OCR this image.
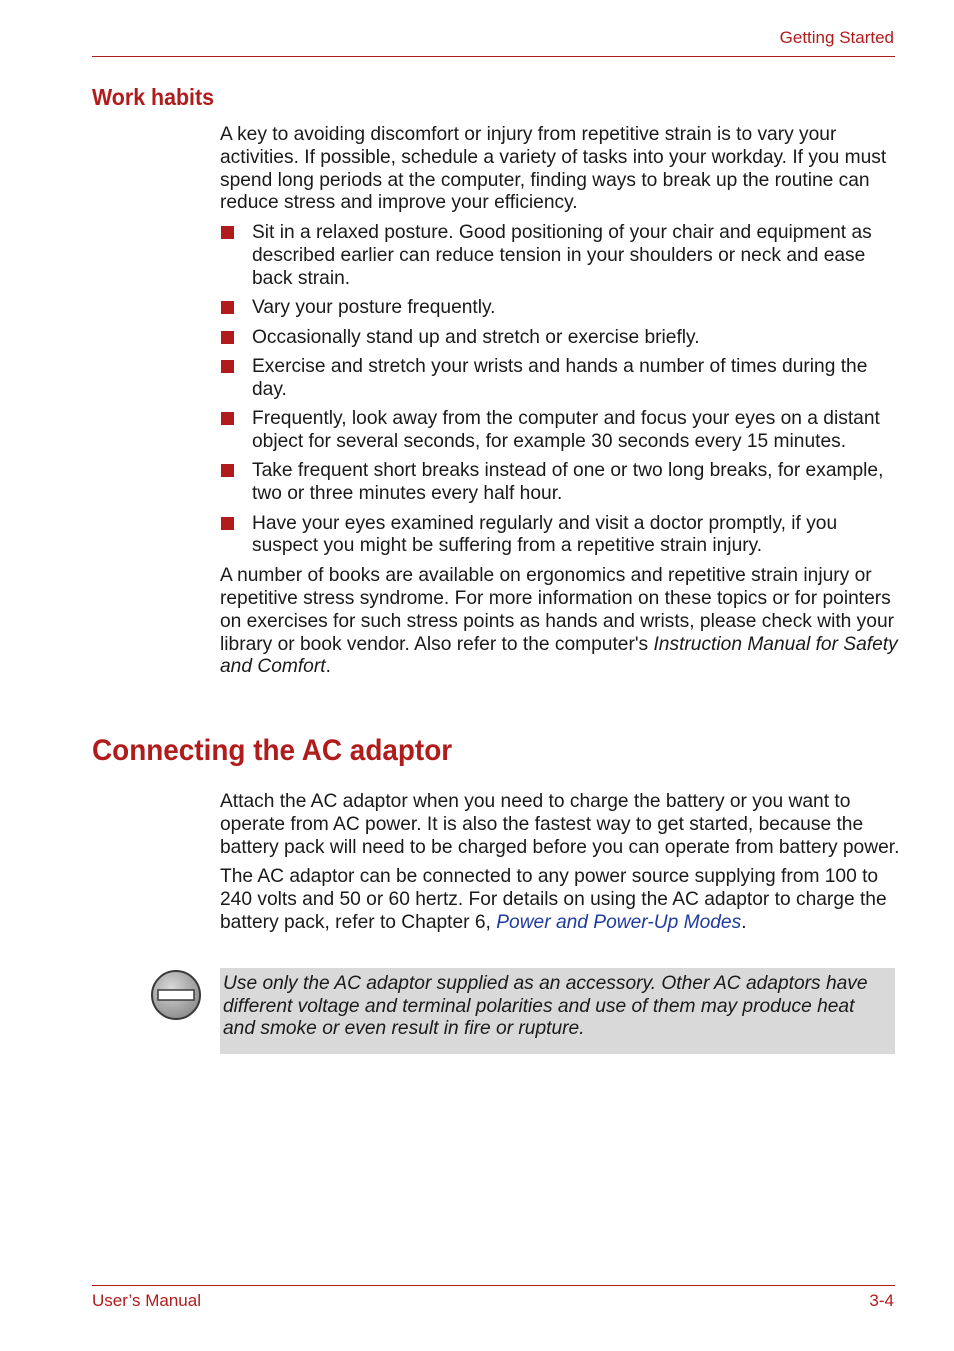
Getting Started
Work habits

A key to avoiding discomfort or injury from repetitive strain is to vary your activities. If possible, schedule a variety of tasks into your workday. If you must spend long periods at the computer, finding ways to break up the routine can reduce stress and improve your efficiency.

Sit in a relaxed posture. Good positioning of your chair and equipment as described earlier can reduce tension in your shoulders or neck and ease back strain.
Vary your posture frequently.
Occasionally stand up and stretch or exercise briefly.
Exercise and stretch your wrists and hands a number of times during the day.
Frequently, look away from the computer and focus your eyes on a distant object for several seconds, for example 30 seconds every 15 minutes.
Take frequent short breaks instead of one or two long breaks, for example, two or three minutes every half hour.
Have your eyes examined regularly and visit a doctor promptly, if you suspect you might be suffering from a repetitive strain injury.

A number of books are available on ergonomics and repetitive strain injury or repetitive stress syndrome. For more information on these topics or for pointers on exercises for such stress points as hands and wrists, please check with your library or book vendor. Also refer to the computer's Instruction Manual for Safety and Comfort.

Connecting the AC adaptor

Attach the AC adaptor when you need to charge the battery or you want to operate from AC power. It is also the fastest way to get started, because the battery pack will need to be charged before you can operate from battery power.

The AC adaptor can be connected to any power source supplying from 100 to 240 volts and 50 or 60 hertz. For details on using the AC adaptor to charge the battery pack, refer to Chapter 6, Power and Power-Up Modes.

Use only the AC adaptor supplied as an accessory. Other AC adaptors have different voltage and terminal polarities and use of them may produce heat and smoke or even result in fire or rupture.

User’s Manual	3-4
